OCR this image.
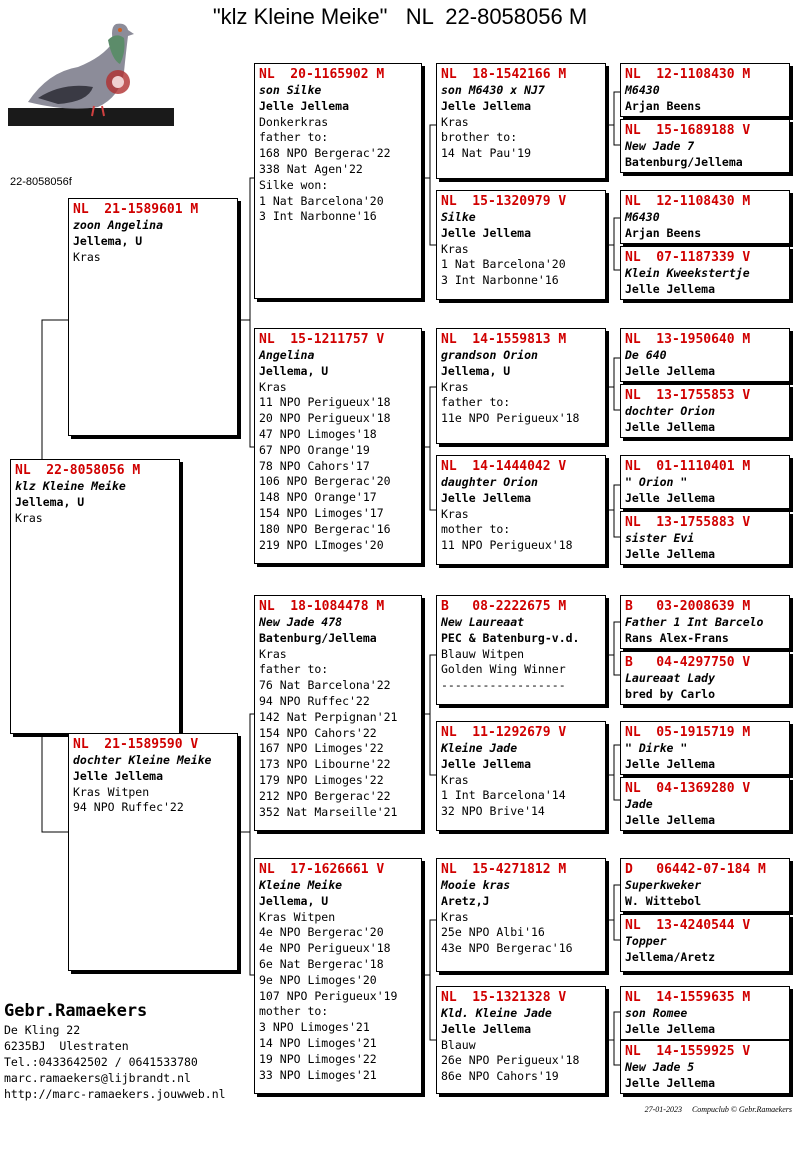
"klz Kleine Meike" NL  22-8058056 M
22-8058056f
NL  22-8058056 M
klz Kleine Meike
Jellema, U
Kras
NL  21-1589601 M
zoon Angelina
Jellema, U
Kras
NL  21-1589590 V
dochter Kleine Meike
Jelle Jellema
Kras Witpen
94 NPO Ruffec'22
NL  20-1165902 M
son Silke
Jelle Jellema
Donkerkras
father to:
168 NPO Bergerac'22
338 Nat Agen'22
Silke won:
1 Nat Barcelona'20
3 Int Narbonne'16
NL  15-1211757 V
Angelina
Jellema, U
Kras
11 NPO Perigueux'18
20 NPO Perigueux'18
47 NPO Limoges'18
67 NPO Orange'19
78 NPO Cahors'17
106 NPO Bergerac'20
148 NPO Orange'17
154 NPO Limoges'17
180 NPO Bergerac'16
219 NPO LImoges'20
NL  18-1084478 M
New Jade 478
Batenburg/Jellema
Kras
father to:
76 Nat Barcelona'22
94 NPO Ruffec'22
142 Nat Perpignan'21
154 NPO Cahors'22
167 NPO Limoges'22
173 NPO Libourne'22
179 NPO Limoges'22
212 NPO Bergerac'22
352 Nat Marseille'21
NL  17-1626661 V
Kleine Meike
Jellema, U
Kras Witpen
4e NPO Bergerac'20
4e NPO Perigueux'18
6e Nat Bergerac'18
9e NPO Limoges'20
107 NPO Perigueux'19
mother to:
3 NPO Limoges'21
14 NPO Limoges'21
19 NPO Limoges'22
33 NPO Limoges'21
NL  18-1542166 M
son M6430 x NJ7
Jelle Jellema
Kras
brother to:
14 Nat Pau'19
NL  15-1320979 V
Silke
Jelle Jellema
Kras
1 Nat Barcelona'20
3 Int Narbonne'16
NL  14-1559813 M
grandson Orion
Jellema, U
Kras
father to:
11e NPO Perigueux'18
NL  14-1444042 V
daughter Orion
Jelle Jellema
Kras
mother to:
11 NPO Perigueux'18
B   08-2222675 M
New Laureaat
PEC & Batenburg-v.d.
Blauw Witpen
Golden Wing Winner
------------------
NL  11-1292679 V
Kleine Jade
Jelle Jellema
Kras
1 Int Barcelona'14
32 NPO Brive'14
NL  15-4271812 M
Mooie kras
Aretz,J
Kras
25e NPO Albi'16
43e NPO Bergerac'16
NL  15-1321328 V
Kld. Kleine Jade
Jelle Jellema
Blauw
26e NPO Perigueux'18
86e NPO Cahors'19
NL  12-1108430 M
M6430
Arjan Beens
NL  15-1689188 V
New Jade 7
Batenburg/Jellema
NL  12-1108430 M
M6430
Arjan Beens
NL  07-1187339 V
Klein Kweekstertje
Jelle Jellema
NL  13-1950640 M
De 640
Jelle Jellema
NL  13-1755853 V
dochter Orion
Jelle Jellema
NL  01-1110401 M
" Orion "
Jelle Jellema
NL  13-1755883 V
sister Evi
Jelle Jellema
B   03-2008639 M
Father 1 Int Barcelo
Rans Alex-Frans
B   04-4297750 V
Laureaat Lady
bred by Carlo
NL  05-1915719 M
" Dirke "
Jelle Jellema
NL  04-1369280 V
Jade
Jelle Jellema
D   06442-07-184 M
Superkweker
W. Wittebol
NL  13-4240544 V
Topper
Jellema/Aretz
NL  14-1559635 M
son Romee
Jelle Jellema
NL  14-1559925 V
New Jade 5
Jelle Jellema
Gebr.Ramaekers
De Kling 22
6235BJ  Ulestraten
Tel.:0433642502 / 0641533780
marc.ramaekers@lijbrandt.nl
http://marc-ramaekers.jouwweb.nl
27-01-2023 Compuclub © Gebr.Ramaekers
